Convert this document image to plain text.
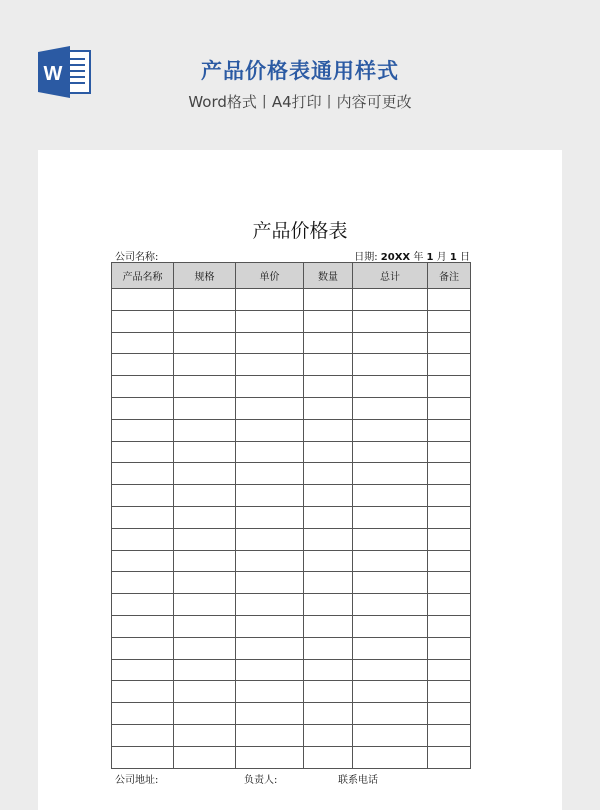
W	产品价格表通用样式
Word格式丨A4打印丨内容可更改
产品价格表
公司名称:	日期: 20XX 年 1 月 1 日
产品名称	规格	单价	数量	总计	备注

公司地址:	负责人:	联系电话
